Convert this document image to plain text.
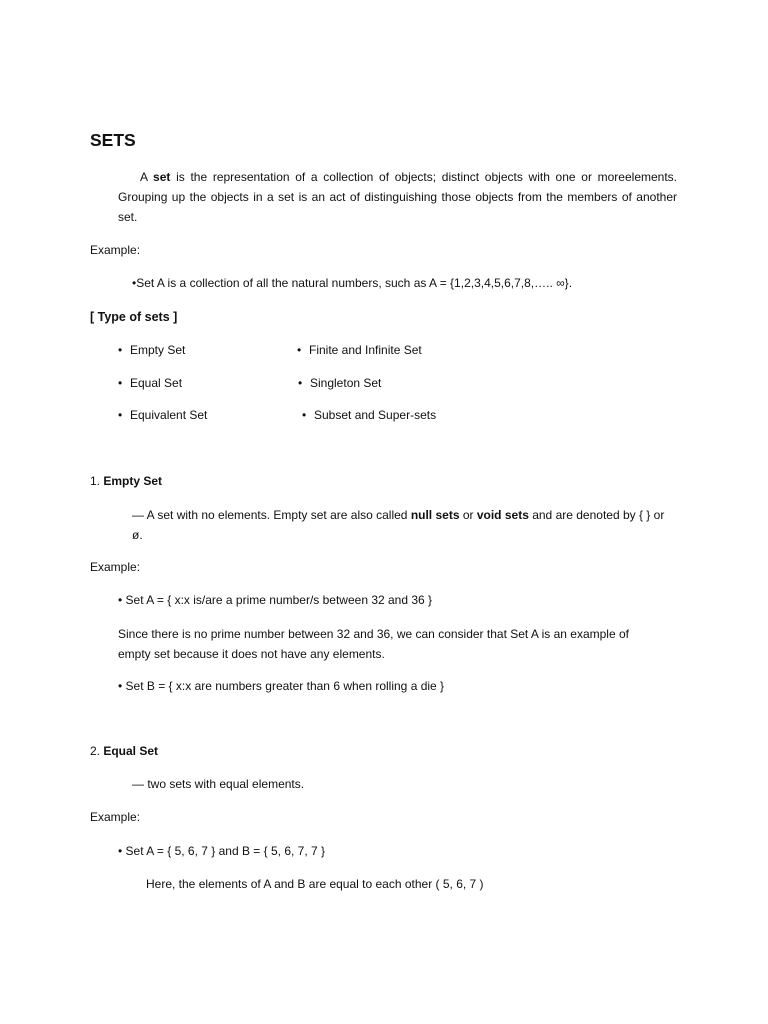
SETS
A set is the representation of a collection of objects; distinct objects with one or moreelements. Grouping up the objects in a set is an act of distinguishing those objects from the members of another set.
Example:
•Set A is a collection of all the natural numbers, such as A = {1,2,3,4,5,6,7,8,….. ∞}.
[ Type of sets ]
• Empty Set
• Equal Set
• Equivalent Set
• Finite and Infinite Set
• Singleton Set
• Subset and Super-sets
1. Empty Set
— A set with no elements. Empty set are also called null sets or void sets and are denoted by { } or ø.
Example:
• Set A = { x:x is/are a prime number/s between 32 and 36 }
Since there is no prime number between 32 and 36, we can consider that Set A is an example of empty set because it does not have any elements.
• Set B = { x:x are numbers greater than 6 when rolling a die }
2. Equal Set
— two sets with equal elements.
Example:
• Set A = { 5, 6, 7 } and B = { 5, 6, 7, 7 }
Here, the elements of A and B are equal to each other ( 5, 6, 7 )
